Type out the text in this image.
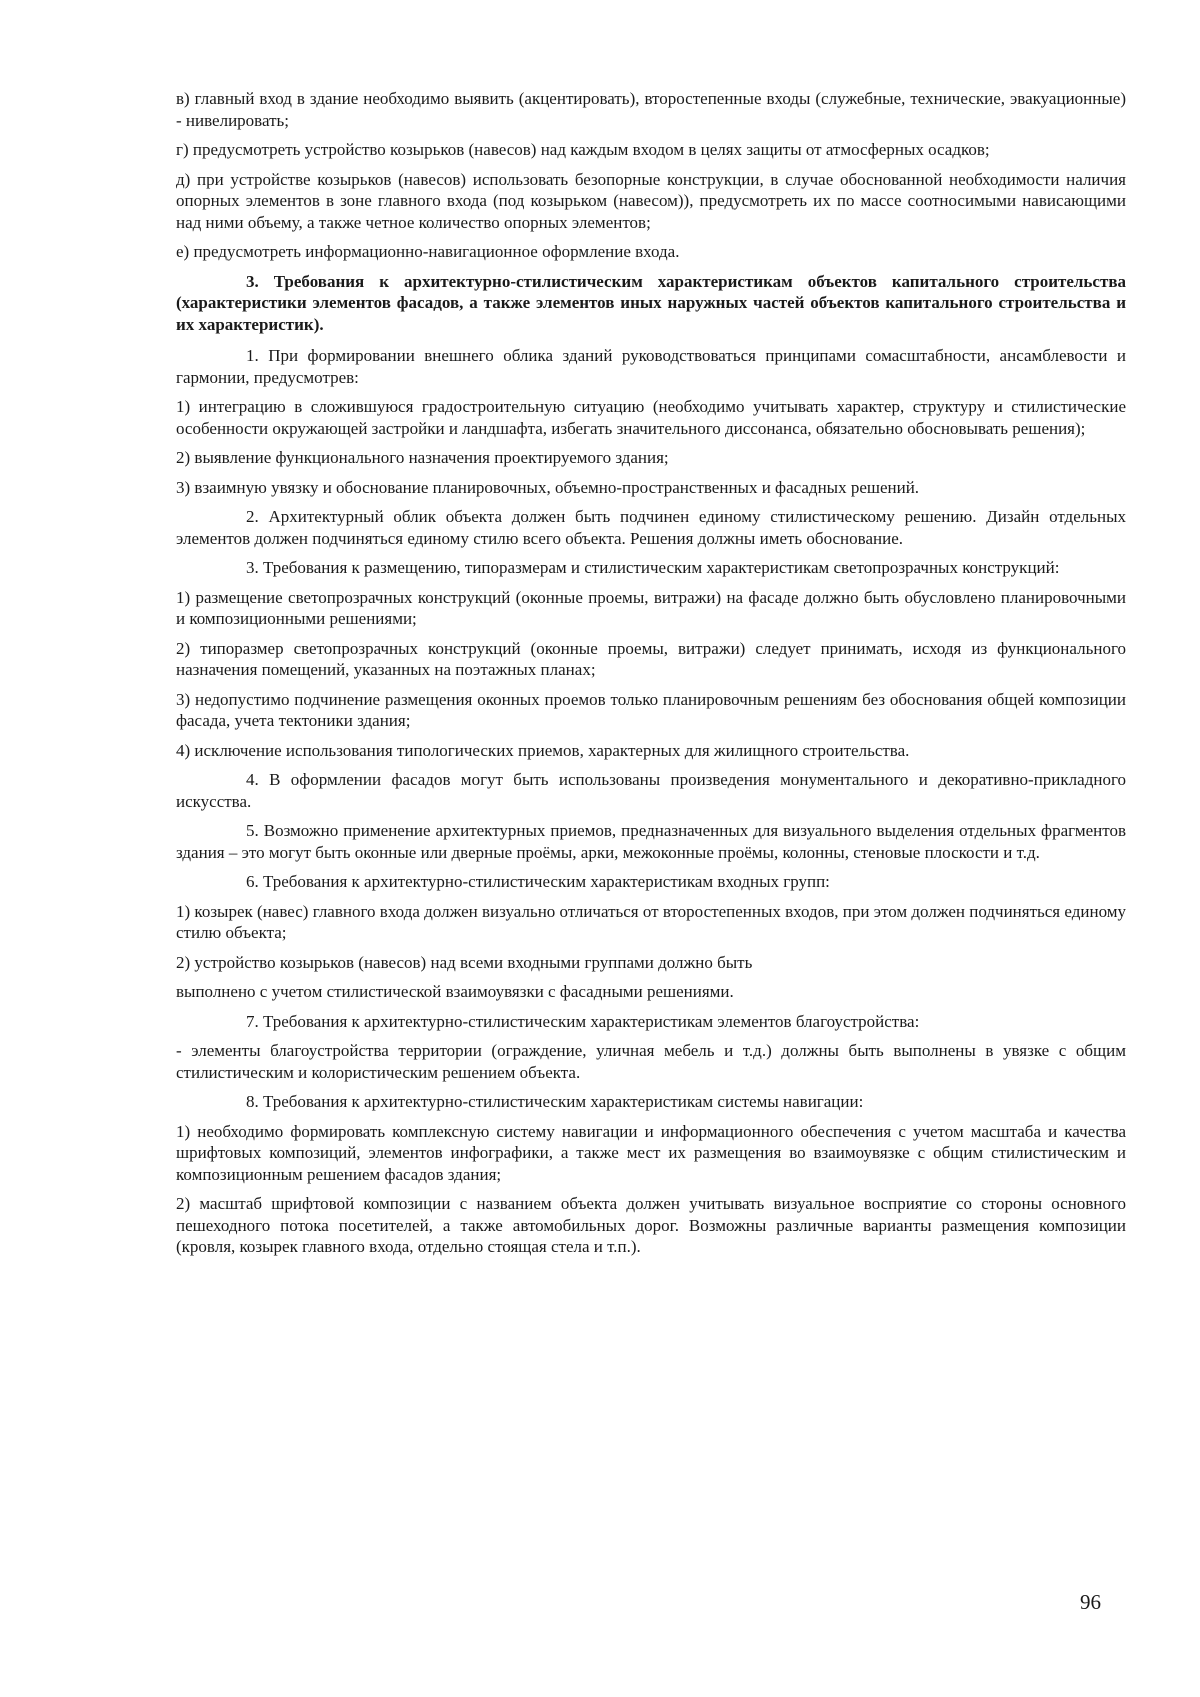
в) главный вход в здание необходимо выявить (акцентировать), второстепенные входы (служебные, технические, эвакуационные) - нивелировать;

г) предусмотреть устройство козырьков (навесов) над каждым входом в целях защиты от атмосферных осадков;

д) при устройстве козырьков (навесов) использовать безопорные конструкции, в случае обоснованной необходимости наличия опорных элементов в зоне главного входа (под козырьком (навесом)), предусмотреть их по массе соотносимыми нависающими над ними объему, а также четное количество опорных элементов;

е) предусмотреть информационно-навигационное оформление входа.

3. Требования к архитектурно-стилистическим характеристикам объектов капитального строительства (характеристики элементов фасадов, а также элементов иных наружных частей объектов капитального строительства и их характеристик).

1. При формировании внешнего облика зданий руководствоваться принципами сомасштабности, ансамблевости и гармонии, предусмотрев:

1) интеграцию в сложившуюся градостроительную ситуацию (необходимо учитывать характер, структуру и стилистические особенности окружающей застройки и ландшафта, избегать значительного диссонанса, обязательно обосновывать решения);

2) выявление функционального назначения проектируемого здания;

3) взаимную увязку и обоснование планировочных, объемно-пространственных и фасадных решений.

2. Архитектурный облик объекта должен быть подчинен единому стилистическому решению. Дизайн отдельных элементов должен подчиняться единому стилю всего объекта. Решения должны иметь обоснование.

3. Требования к размещению, типоразмерам и стилистическим характеристикам светопрозрачных конструкций:

1) размещение светопрозрачных конструкций (оконные проемы, витражи) на фасаде должно быть обусловлено планировочными и композиционными решениями;

2) типоразмер светопрозрачных конструкций (оконные проемы, витражи) следует принимать, исходя из функционального назначения помещений, указанных на поэтажных планах;

3) недопустимо подчинение размещения оконных проемов только планировочным решениям без обоснования общей композиции фасада, учета тектоники здания;

4) исключение использования типологических приемов, характерных для жилищного строительства.

4. В оформлении фасадов могут быть использованы произведения монументального и декоративно-прикладного искусства.

5. Возможно применение архитектурных приемов, предназначенных для визуального выделения отдельных фрагментов здания – это могут быть оконные или дверные проёмы, арки, межоконные проёмы, колонны, стеновые плоскости и т.д.

6. Требования к архитектурно-стилистическим характеристикам входных групп:

1) козырек (навес) главного входа должен визуально отличаться от второстепенных входов, при этом должен подчиняться единому стилю объекта;

2) устройство козырьков (навесов) над всеми входными группами должно быть

выполнено с учетом стилистической взаимоувязки с фасадными решениями.

7. Требования к архитектурно-стилистическим характеристикам элементов благоустройства:

- элементы благоустройства территории (ограждение, уличная мебель и т.д.) должны быть выполнены в увязке с общим стилистическим и колористическим решением объекта.

8. Требования к архитектурно-стилистическим характеристикам системы навигации:

1) необходимо формировать комплексную систему навигации и информационного обеспечения с учетом масштаба и качества шрифтовых композиций, элементов инфографики, а также мест их размещения во взаимоувязке с общим стилистическим и композиционным решением фасадов здания;

2) масштаб шрифтовой композиции с названием объекта должен учитывать визуальное восприятие со стороны основного пешеходного потока посетителей, а также автомобильных дорог. Возможны различные варианты размещения композиции (кровля, козырек главного входа, отдельно стоящая стела и т.п.).

96
